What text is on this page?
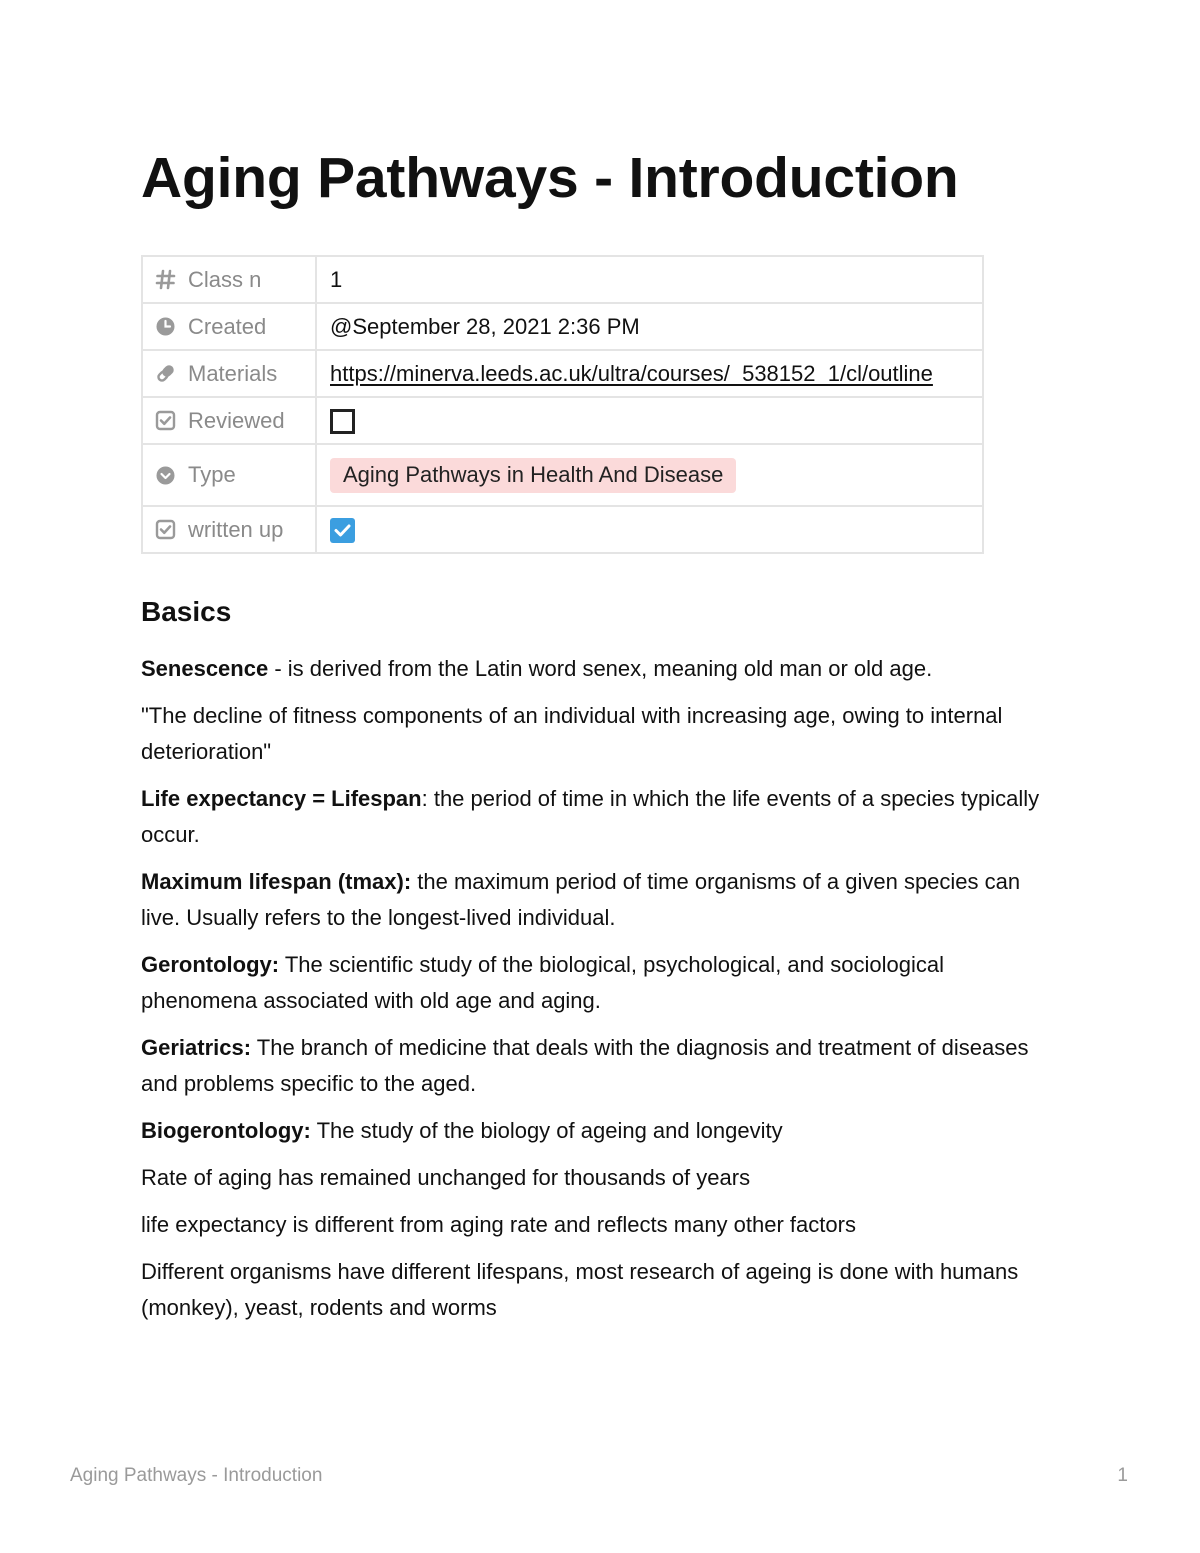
Aging Pathways - Introduction
Class n	1

Created	@September 28, 2021 2:36 PM

Materials	https://minerva.leeds.ac.uk/ultra/courses/_538152_1/cl/outline

Reviewed	

Type	Aging Pathways in Health And Disease

written up

Basics

Senescence - is derived from the Latin word senex, meaning old man or old age.

"The decline of fitness components of an individual with increasing age, owing to internal deterioration"

Life expectancy = Lifespan: the period of time in which the life events of a species typically occur.

Maximum lifespan (tmax): the maximum period of time organisms of a given species can live. Usually refers to the longest-lived individual.

Gerontology: The scientific study of the biological, psychological, and sociological phenomena associated with old age and aging.

Geriatrics: The branch of medicine that deals with the diagnosis and treatment of diseases and problems specific to the aged.

Biogerontology: The study of the biology of ageing and longevity

Rate of aging has remained unchanged for thousands of years

life expectancy is different from aging rate and reflects many other factors

Different organisms have different lifespans, most research of ageing is done with humans (monkey), yeast, rodents and worms

Aging Pathways - Introduction	1
